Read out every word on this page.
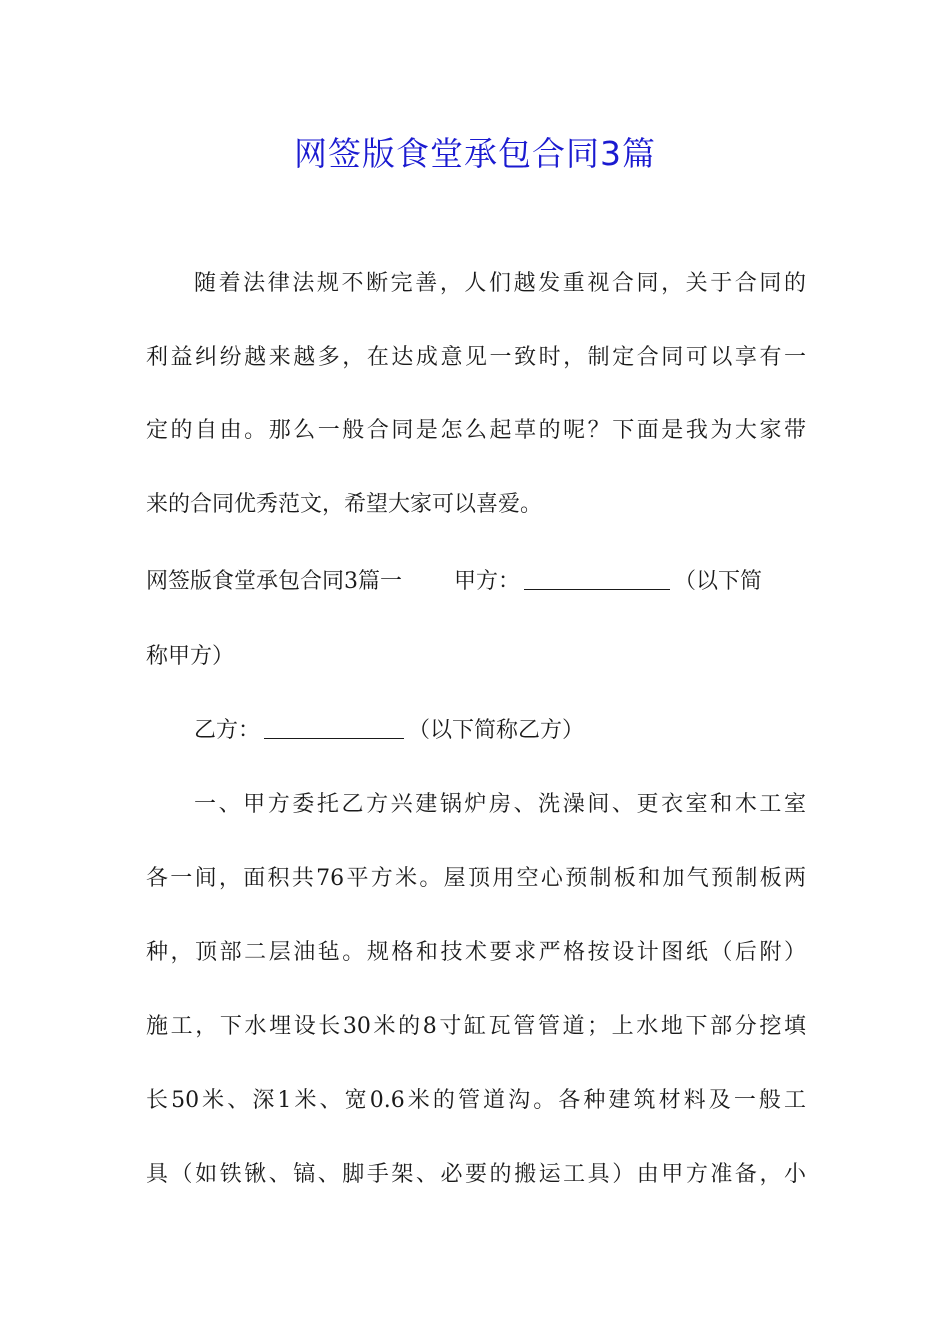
网签版食堂承包合同3篇
随着法律法规不断完善，人们越发重视合同，关于合同的
利益纠纷越来越多，在达成意见一致时，制定合同可以享有一
定的自由。那么一般合同是怎么起草的呢？下面是我为大家带
来的合同优秀范文，希望大家可以喜爱。
网签版食堂承包合同3篇一 甲方：	（以下简
称甲方）
乙方：	（以下简称乙方）
一、甲方委托乙方兴建锅炉房、洗澡间、更衣室和木工室
各一间，面积共76平方米。屋顶用空心预制板和加气预制板两
种，顶部二层油毡。规格和技术要求严格按设计图纸（后附）
施工，下水埋设长30米的8寸缸瓦管管道；上水地下部分挖填
长50米、深1米、宽0.6米的管道沟。各种建筑材料及一般工
具（如铁锹、镐、脚手架、必要的搬运工具）由甲方准备，小
